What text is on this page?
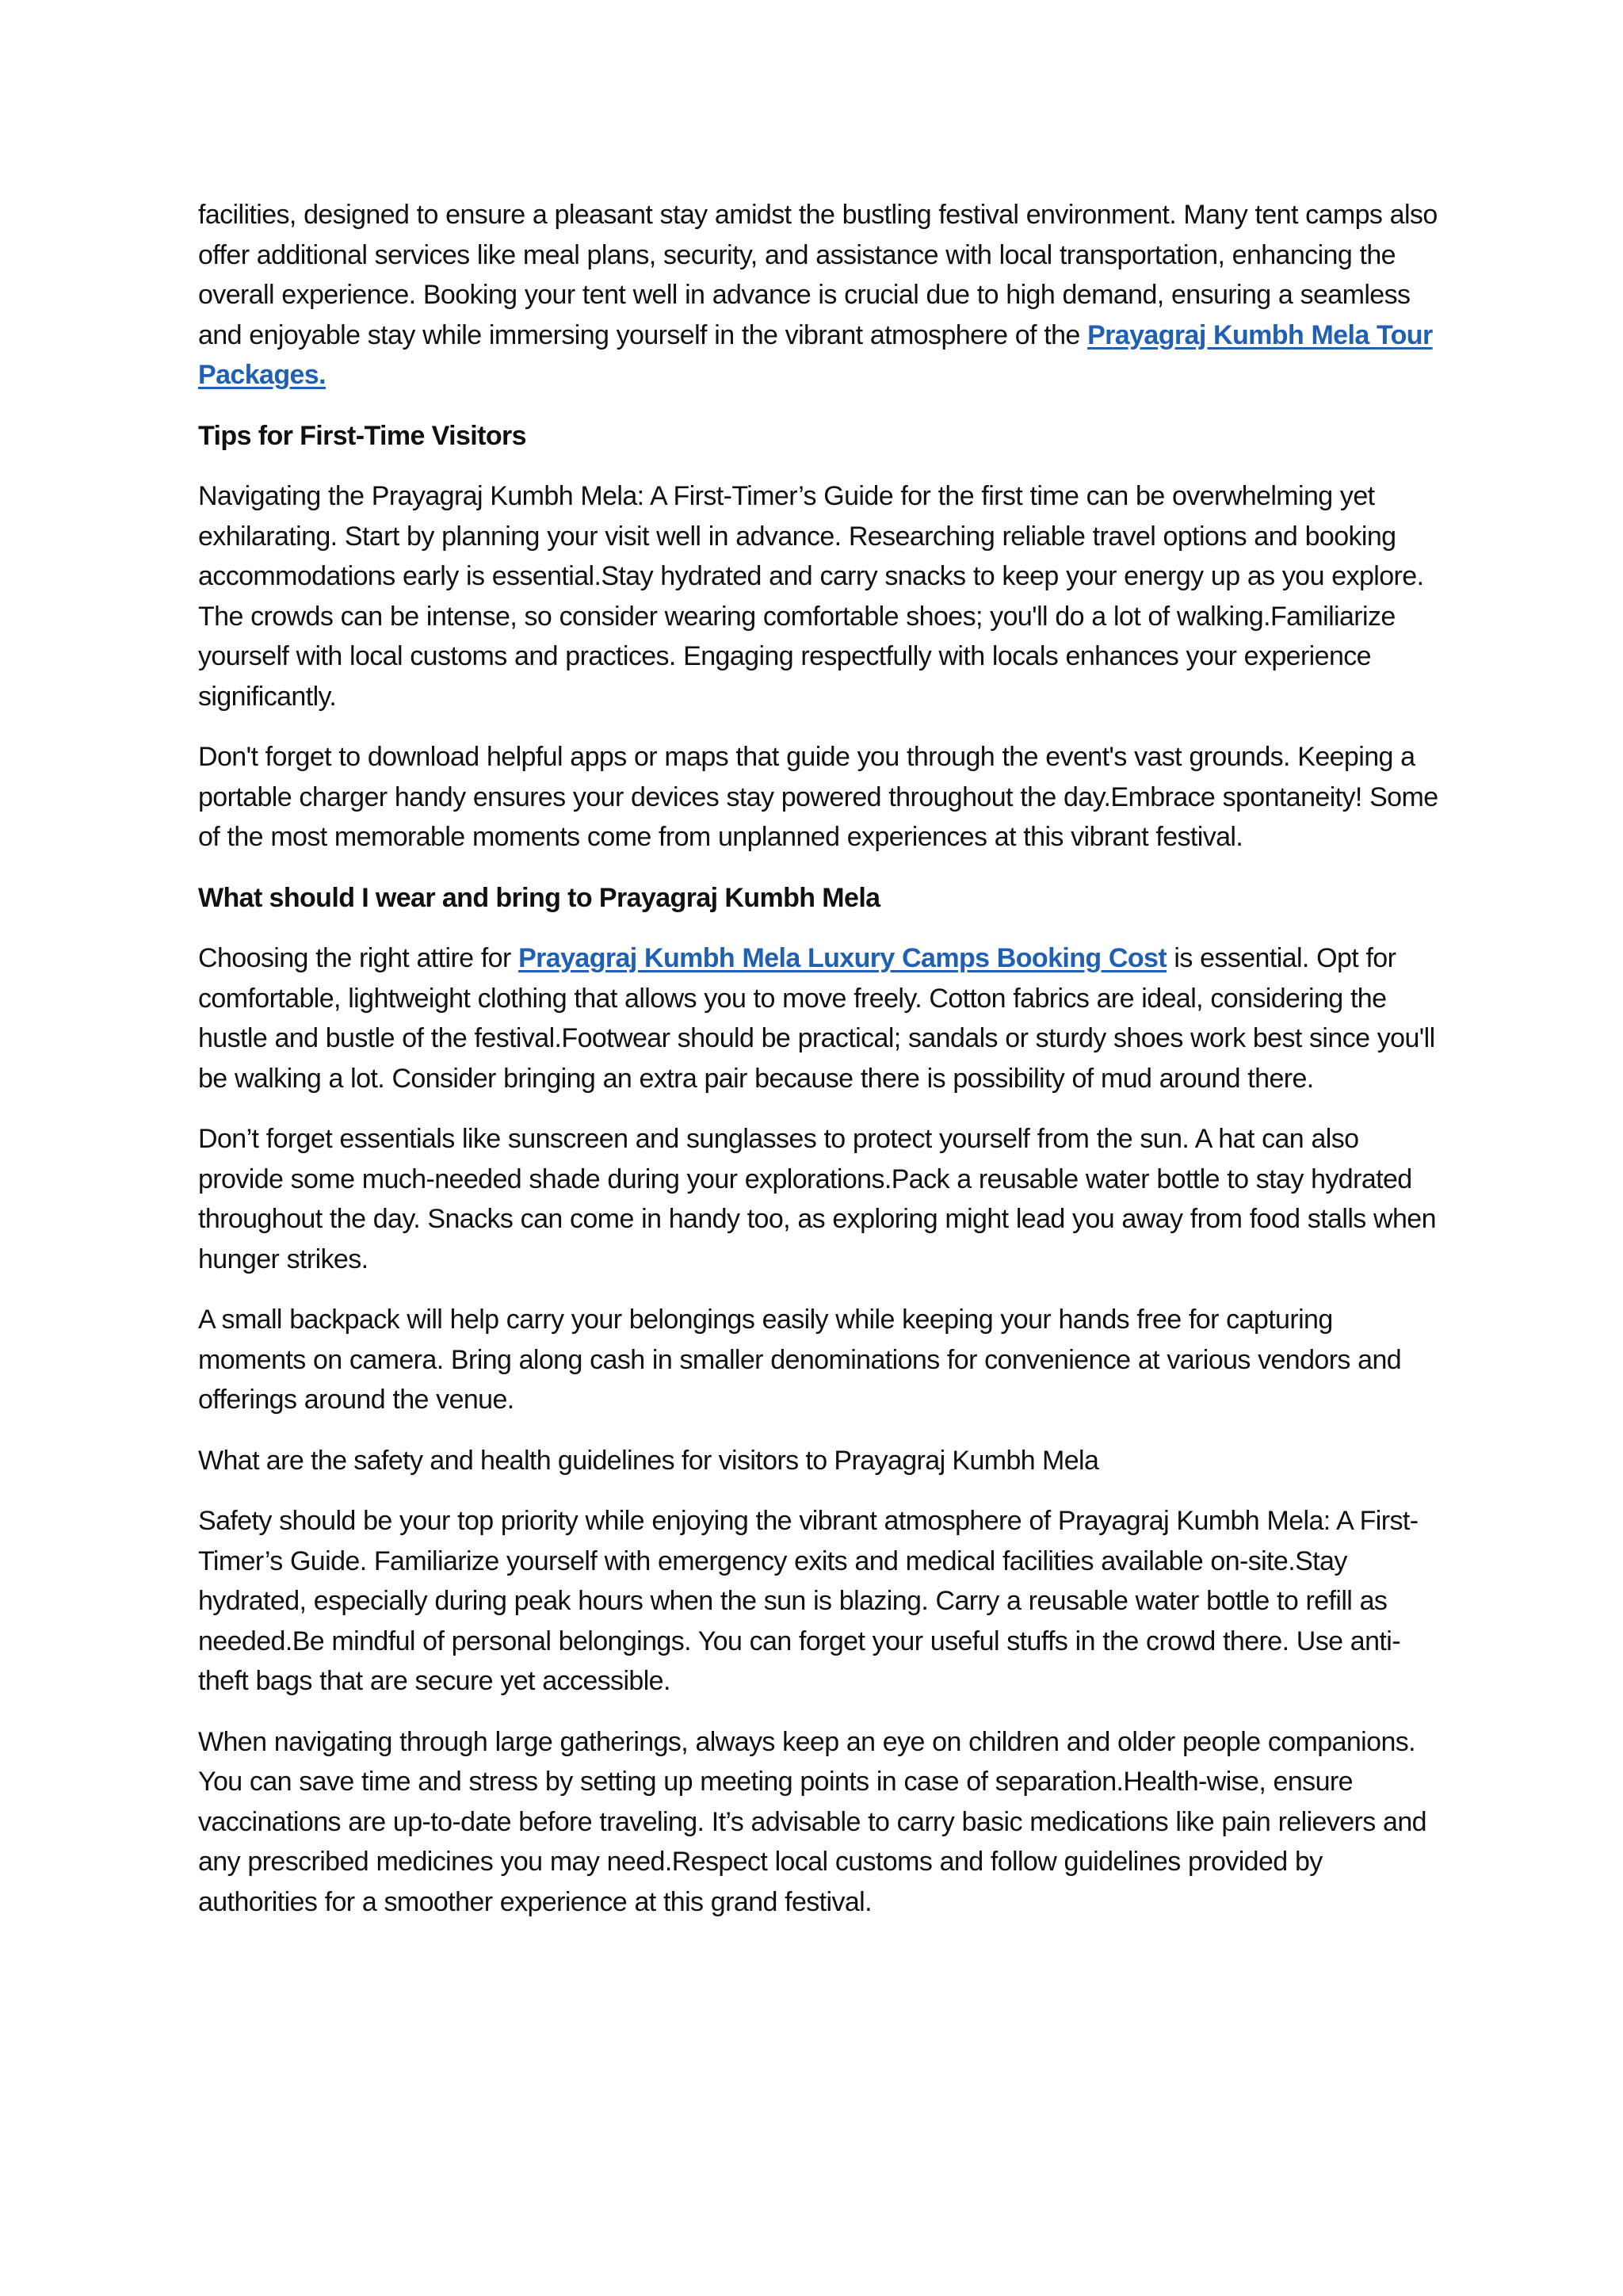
facilities, designed to ensure a pleasant stay amidst the bustling festival environment. Many tent camps also offer additional services like meal plans, security, and assistance with local transportation, enhancing the overall experience. Booking your tent well in advance is crucial due to high demand, ensuring a seamless and enjoyable stay while immersing yourself in the vibrant atmosphere of the Prayagraj Kumbh Mela Tour Packages.

Tips for First-Time Visitors

Navigating the Prayagraj Kumbh Mela: A First-Timer’s Guide for the first time can be overwhelming yet exhilarating. Start by planning your visit well in advance. Researching reliable travel options and booking accommodations early is essential.Stay hydrated and carry snacks to keep your energy up as you explore. The crowds can be intense, so consider wearing comfortable shoes; you'll do a lot of walking.Familiarize yourself with local customs and practices. Engaging respectfully with locals enhances your experience significantly.

Don't forget to download helpful apps or maps that guide you through the event's vast grounds. Keeping a portable charger handy ensures your devices stay powered throughout the day.Embrace spontaneity! Some of the most memorable moments come from unplanned experiences at this vibrant festival.

What should I wear and bring to Prayagraj Kumbh Mela

Choosing the right attire for Prayagraj Kumbh Mela Luxury Camps Booking Cost is essential. Opt for comfortable, lightweight clothing that allows you to move freely. Cotton fabrics are ideal, considering the hustle and bustle of the festival.Footwear should be practical; sandals or sturdy shoes work best since you'll be walking a lot. Consider bringing an extra pair because there is possibility of mud around there.

Don’t forget essentials like sunscreen and sunglasses to protect yourself from the sun. A hat can also provide some much-needed shade during your explorations.Pack a reusable water bottle to stay hydrated throughout the day. Snacks can come in handy too, as exploring might lead you away from food stalls when hunger strikes.

A small backpack will help carry your belongings easily while keeping your hands free for capturing moments on camera. Bring along cash in smaller denominations for convenience at various vendors and offerings around the venue.

What are the safety and health guidelines for visitors to Prayagraj Kumbh Mela

Safety should be your top priority while enjoying the vibrant atmosphere of Prayagraj Kumbh Mela: A First-Timer’s Guide. Familiarize yourself with emergency exits and medical facilities available on-site.Stay hydrated, especially during peak hours when the sun is blazing. Carry a reusable water bottle to refill as needed.Be mindful of personal belongings. You can forget your useful stuffs in the crowd there. Use anti-theft bags that are secure yet accessible.

When navigating through large gatherings, always keep an eye on children and older people companions. You can save time and stress by setting up meeting points in case of separation.Health-wise, ensure vaccinations are up-to-date before traveling. It’s advisable to carry basic medications like pain relievers and any prescribed medicines you may need.Respect local customs and follow guidelines provided by authorities for a smoother experience at this grand festival.
